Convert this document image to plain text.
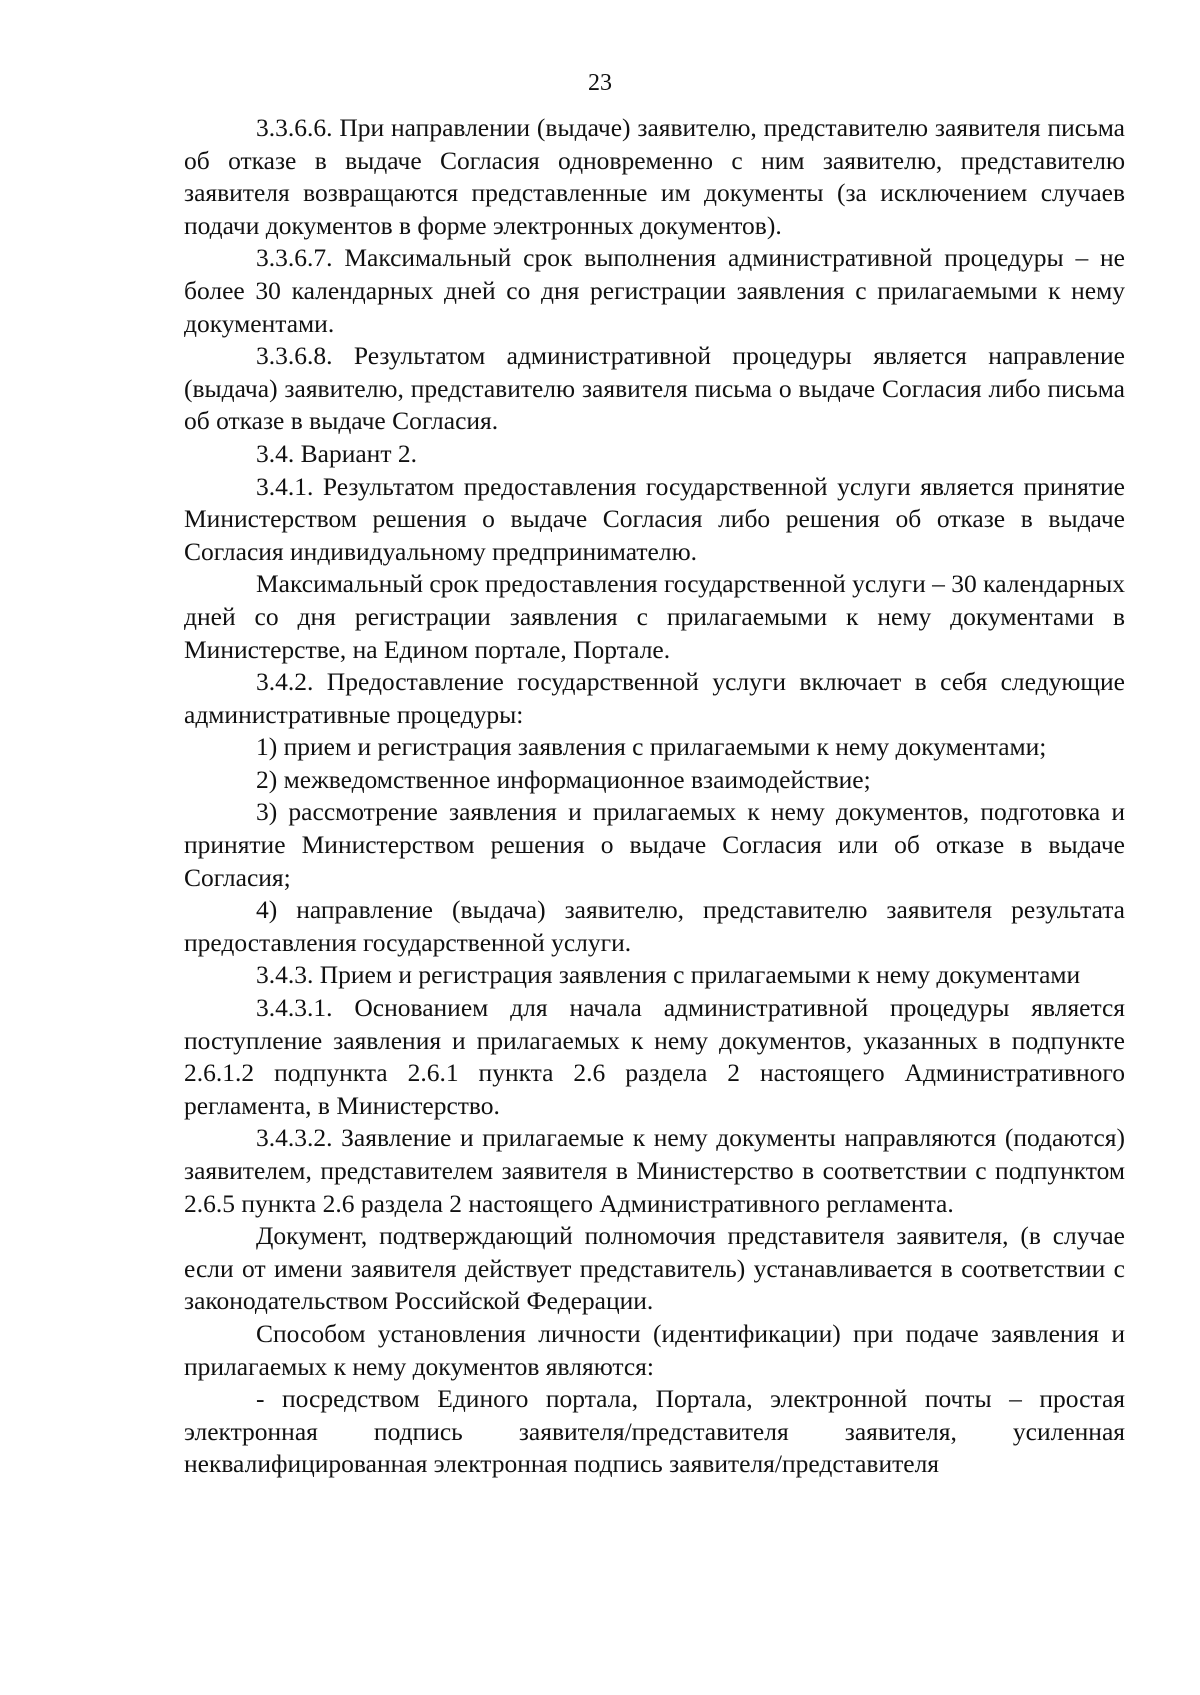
23

3.3.6.6. При направлении (выдаче) заявителю, представителю заявителя письма об отказе в выдаче Согласия одновременно с ним заявителю, представителю заявителя возвращаются представленные им документы (за исключением случаев подачи документов в форме электронных документов).

3.3.6.7. Максимальный срок выполнения административной процедуры – не более 30 календарных дней со дня регистрации заявления с прилагаемыми к нему документами.

3.3.6.8. Результатом административной процедуры является направление (выдача) заявителю, представителю заявителя письма о выдаче Согласия либо письма об отказе в выдаче Согласия.

3.4. Вариант 2.

3.4.1. Результатом предоставления государственной услуги является принятие Министерством решения о выдаче Согласия либо решения об отказе в выдаче Согласия индивидуальному предпринимателю.

Максимальный срок предоставления государственной услуги – 30 календарных дней со дня регистрации заявления с прилагаемыми к нему документами в Министерстве, на Едином портале, Портале.

3.4.2. Предоставление государственной услуги включает в себя следующие административные процедуры:

1) прием и регистрация заявления с прилагаемыми к нему документами;

2) межведомственное информационное взаимодействие;

3) рассмотрение заявления и прилагаемых к нему документов, подготовка и принятие Министерством решения о выдаче Согласия или об отказе в выдаче Согласия;

4) направление (выдача) заявителю, представителю заявителя результата предоставления государственной услуги.

3.4.3. Прием и регистрация заявления с прилагаемыми к нему документами

3.4.3.1. Основанием для начала административной процедуры является поступление заявления и прилагаемых к нему документов, указанных в подпункте 2.6.1.2 подпункта 2.6.1 пункта 2.6 раздела 2 настоящего Административного регламента, в Министерство.

3.4.3.2. Заявление и прилагаемые к нему документы направляются (подаются) заявителем, представителем заявителя в Министерство в соответствии с подпунктом 2.6.5 пункта 2.6 раздела 2 настоящего Административного регламента.

Документ, подтверждающий полномочия представителя заявителя, (в случае если от имени заявителя действует представитель) устанавливается в соответствии с законодательством Российской Федерации.

Способом установления личности (идентификации) при подаче заявления и прилагаемых к нему документов являются:

- посредством Единого портала, Портала, электронной почты – простая электронная подпись заявителя/представителя заявителя, усиленная неквалифицированная электронная подпись заявителя/представителя
